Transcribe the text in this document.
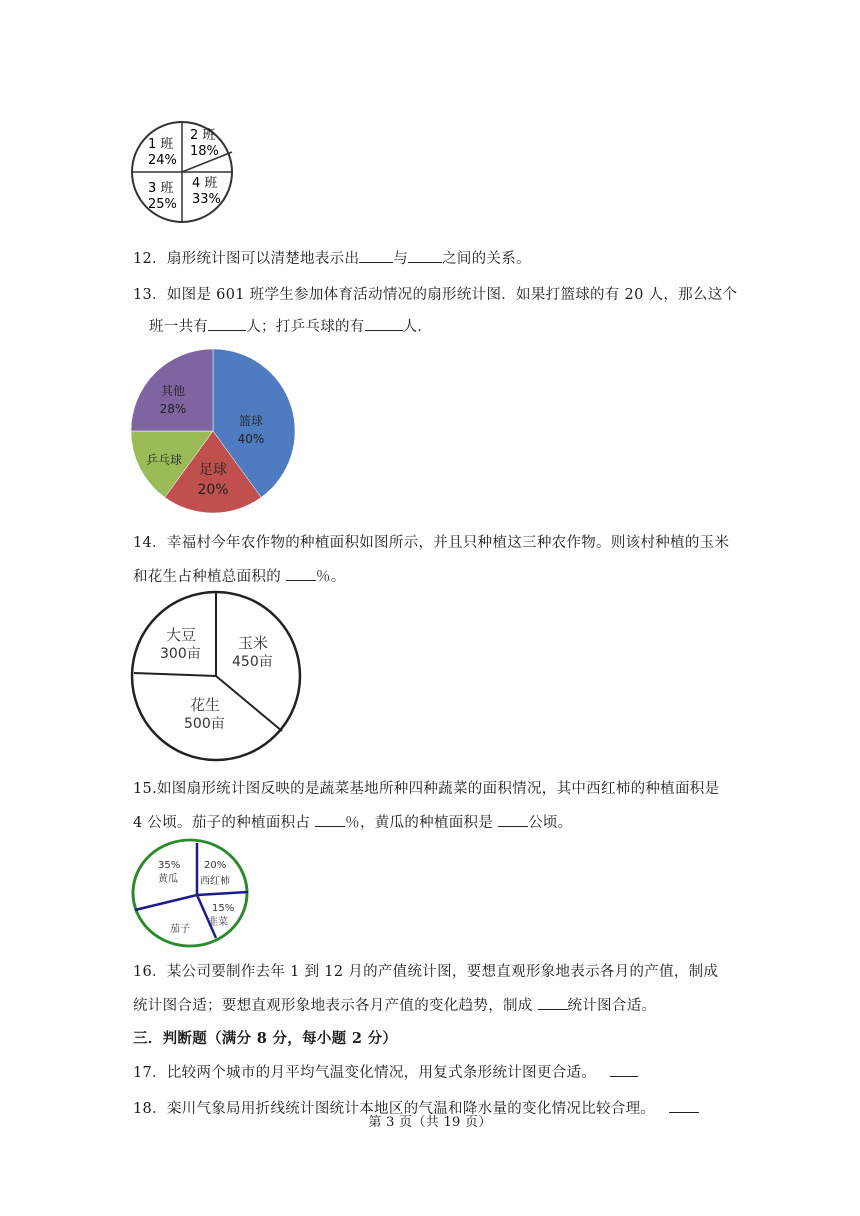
1 班
24%
2 班
18%
3 班
25%
4 班
33%
12．扇形统计图可以清楚地表示出 与 之间的关系。
13．如图是 601 班学生参加体育活动情况的扇形统计图．如果打篮球的有 20 人，那么这个
班一共有	人；打乒乓球的有	人．
篮球
40%
足球
20%
乒乓球
其他
28%
14．幸福村今年农作物的种植面积如图所示，并且只种植这三种农作物。则该村种植的玉米
和花生占种植总面积的 ％。
大豆
300亩
玉米
450亩
花生
500亩
15.如图扇形统计图反映的是蔬菜基地所种四种蔬菜的面积情况，其中西红柿的种植面积是
4 公顷。茄子的种植面积占 ％，黄瓜的种植面积是 公顷。
35%
黄瓜
20%
西红柿
15%
韭菜
茄子
16．某公司要制作去年 1 到 12 月的产值统计图，要想直观形象地表示各月的产值，制成
统计图合适；要想直观形象地表示各月产值的变化趋势，制成 统计图合适。
三．判断题（满分 8 分，每小题 2 分）
17．比较两个城市的月平均气温变化情况，用复式条形统计图更合适。
18．栾川气象局用折线统计图统计本地区的气温和降水量的变化情况比较合理。
第 3 页（共 19 页）
